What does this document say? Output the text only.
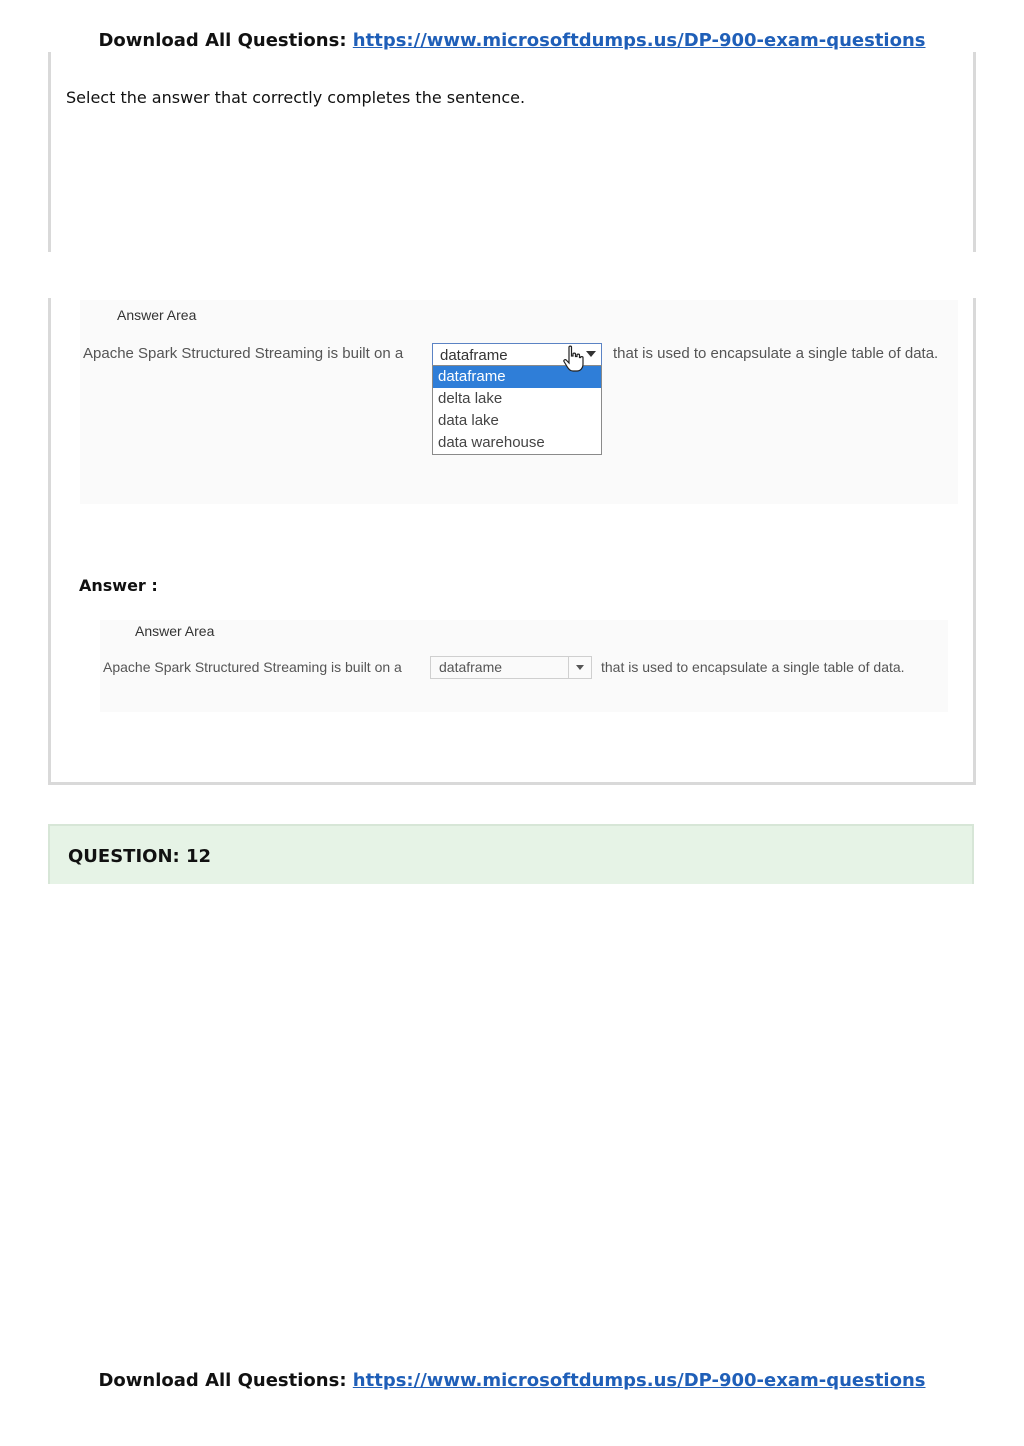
Download All Questions: https://www.microsoftdumps.us/DP-900-exam-questions
Select the answer that correctly completes the sentence.
Answer Area
Apache Spark Structured Streaming is built on a	that is used to encapsulate a single table of data.
dataframe
dataframe
delta lake
data lake
data warehouse
Answer :
Answer Area
Apache Spark Structured Streaming is built on a	that is used to encapsulate a single table of data.
dataframe
QUESTION: 12
Download All Questions: https://www.microsoftdumps.us/DP-900-exam-questions
